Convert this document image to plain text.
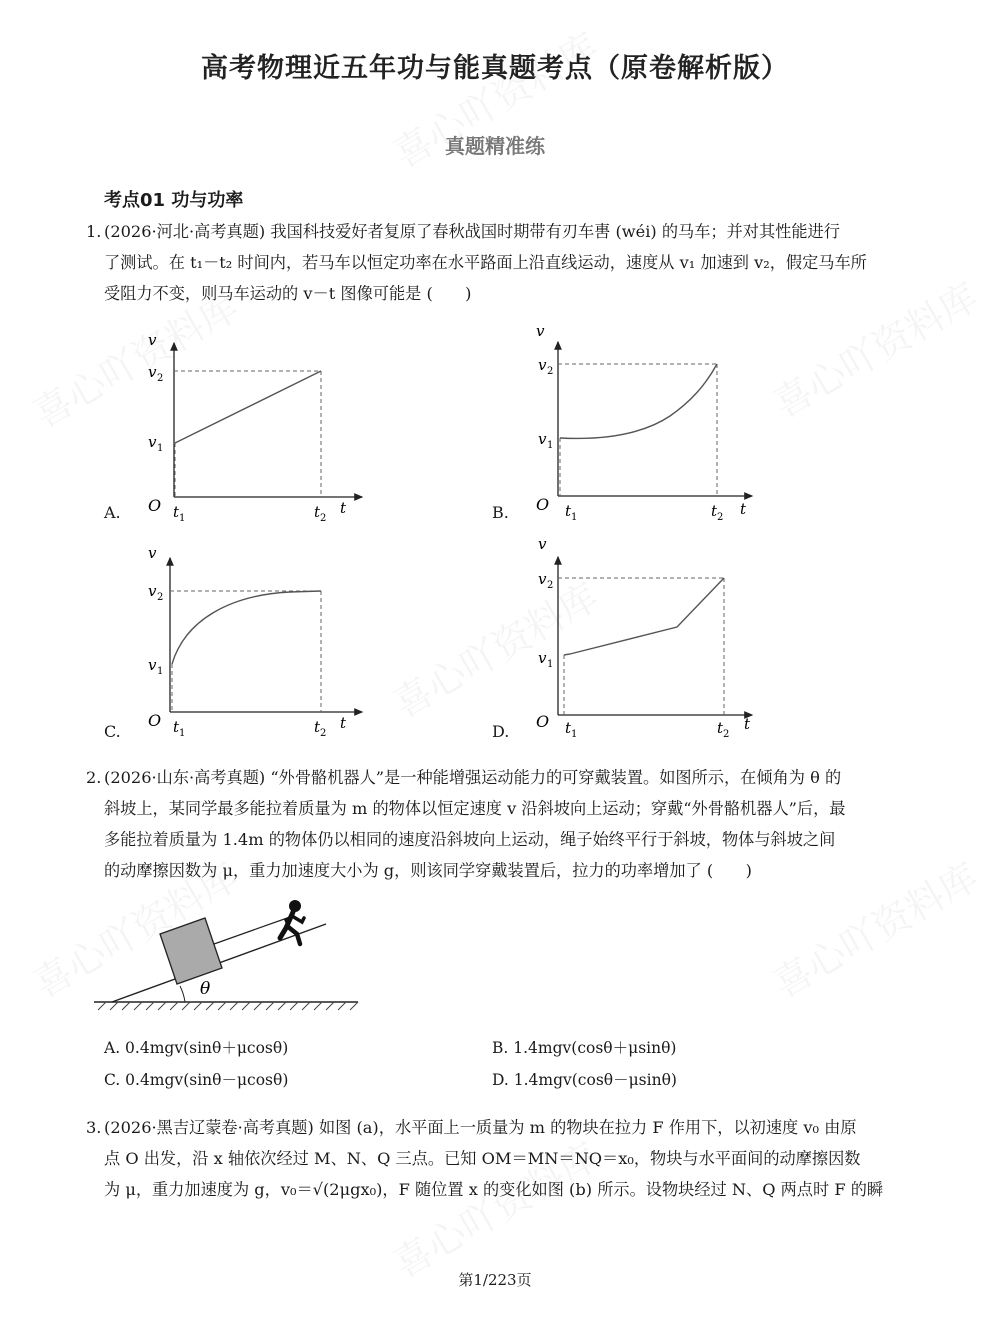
高考物理近五年功与能真题考点（原卷解析版）
真题精准练
考点01 功与功率
1. (2026·河北·高考真题) 我国科技爱好者复原了春秋战国时期带有刃车軎 (wéi) 的马车；并对其性能进行
了测试。在 t₁－t₂ 时间内，若马车以恒定功率在水平路面上沿直线运动，速度从 v₁ 加速到 v₂，假定马车所
受阻力不变，则马车运动的 v－t 图像可能是 (　　)
v
v 2
v 1
O t 1	t 2
t
A.
v
v 2
v 1
O t 1	t 2 t
B.
v
v 2
v 1
O t 1	t 2
t
C.
v
v 2
v 1
O t 1	t 2
t
D.
2. (2026·山东·高考真题) “外骨骼机器人”是一种能增强运动能力的可穿戴装置。如图所示，在倾角为 θ 的
斜坡上，某同学最多能拉着质量为 m 的物体以恒定速度 v 沿斜坡向上运动；穿戴“外骨骼机器人”后，最
多能拉着质量为 1.4m 的物体仍以相同的速度沿斜坡向上运动，绳子始终平行于斜坡，物体与斜坡之间
的动摩擦因数为 μ，重力加速度大小为 g，则该同学穿戴装置后，拉力的功率增加了 (　　)
θ
A. 0.4mgv(sinθ＋μcosθ)	B. 1.4mgv(cosθ＋μsinθ)
C. 0.4mgv(sinθ－μcosθ)	D. 1.4mgv(cosθ－μsinθ)
3. (2026·黑吉辽蒙卷·高考真题) 如图 (a)，水平面上一质量为 m 的物块在拉力 F 作用下，以初速度 v₀ 由原
点 O 出发，沿 x 轴依次经过 M、N、Q 三点。已知 OM＝MN＝NQ＝x₀，物块与水平面间的动摩擦因数
为 μ，重力加速度为 g，v₀＝√(2μgx₀)，F 随位置 x 的变化如图 (b) 所示。设物块经过 N、Q 两点时 F 的瞬
第1/223页
